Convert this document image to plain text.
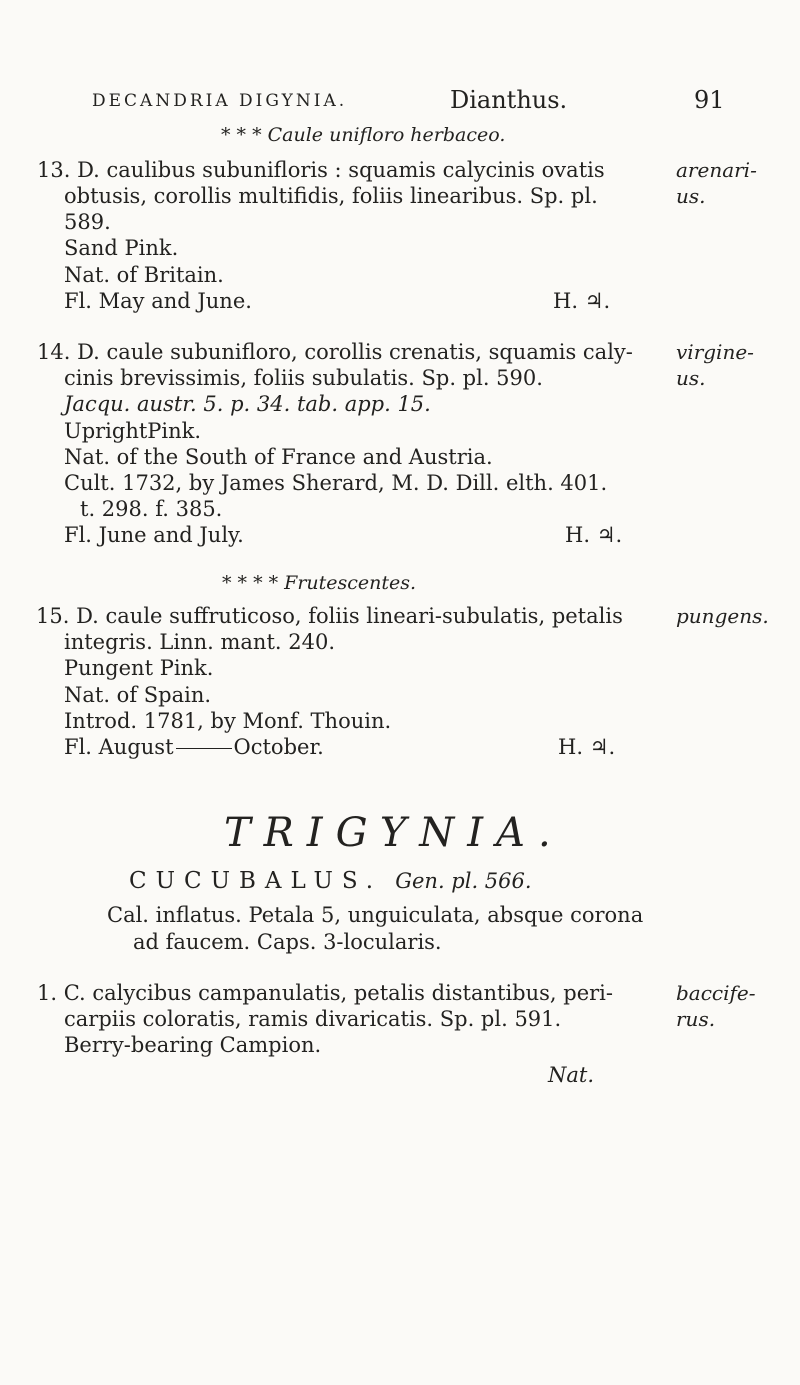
DECANDRIA DIGYNIA.	Dianthus.	91
* * * Caule unifloro herbaceo.
13. D. caulibus subunifloris : squamis calycinis ovatis
obtusis, corollis multifidis, foliis linearibus. Sp. pl.
589.
Sand Pink.
Nat. of Britain.
Fl. May and June.	H. ♃.
arenari-
us.
14. D. caule subunifloro, corollis crenatis, squamis caly-
cinis brevissimis, foliis subulatis. Sp. pl. 590.
Jacqu. austr. 5. p. 34. tab. app. 15.
UprightPink.
Nat. of the South of France and Austria.
Cult. 1732, by James Sherard, M. D. Dill. elth. 401.
t. 298. f. 385.
Fl. June and July.	H. ♃.
virgine-
us.
* * * * Frutescentes.
15. D. caule suffruticoso, foliis lineari-subulatis, petalis
integris. Linn. mant. 240.
Pungent Pink.
Nat. of Spain.
Introd. 1781, by Monf. Thouin.
Fl. August	October.	H. ♃.
pungens.
TRIGYNIA.
CUCUBALUS. Gen. pl. 566.
Cal. inflatus. Petala 5, unguiculata, absque corona
ad faucem. Caps. 3-locularis.
1. C. calycibus campanulatis, petalis distantibus, peri-
carpiis coloratis, ramis divaricatis. Sp. pl. 591.
Berry-bearing Campion.
Nat.
baccife-
rus.
